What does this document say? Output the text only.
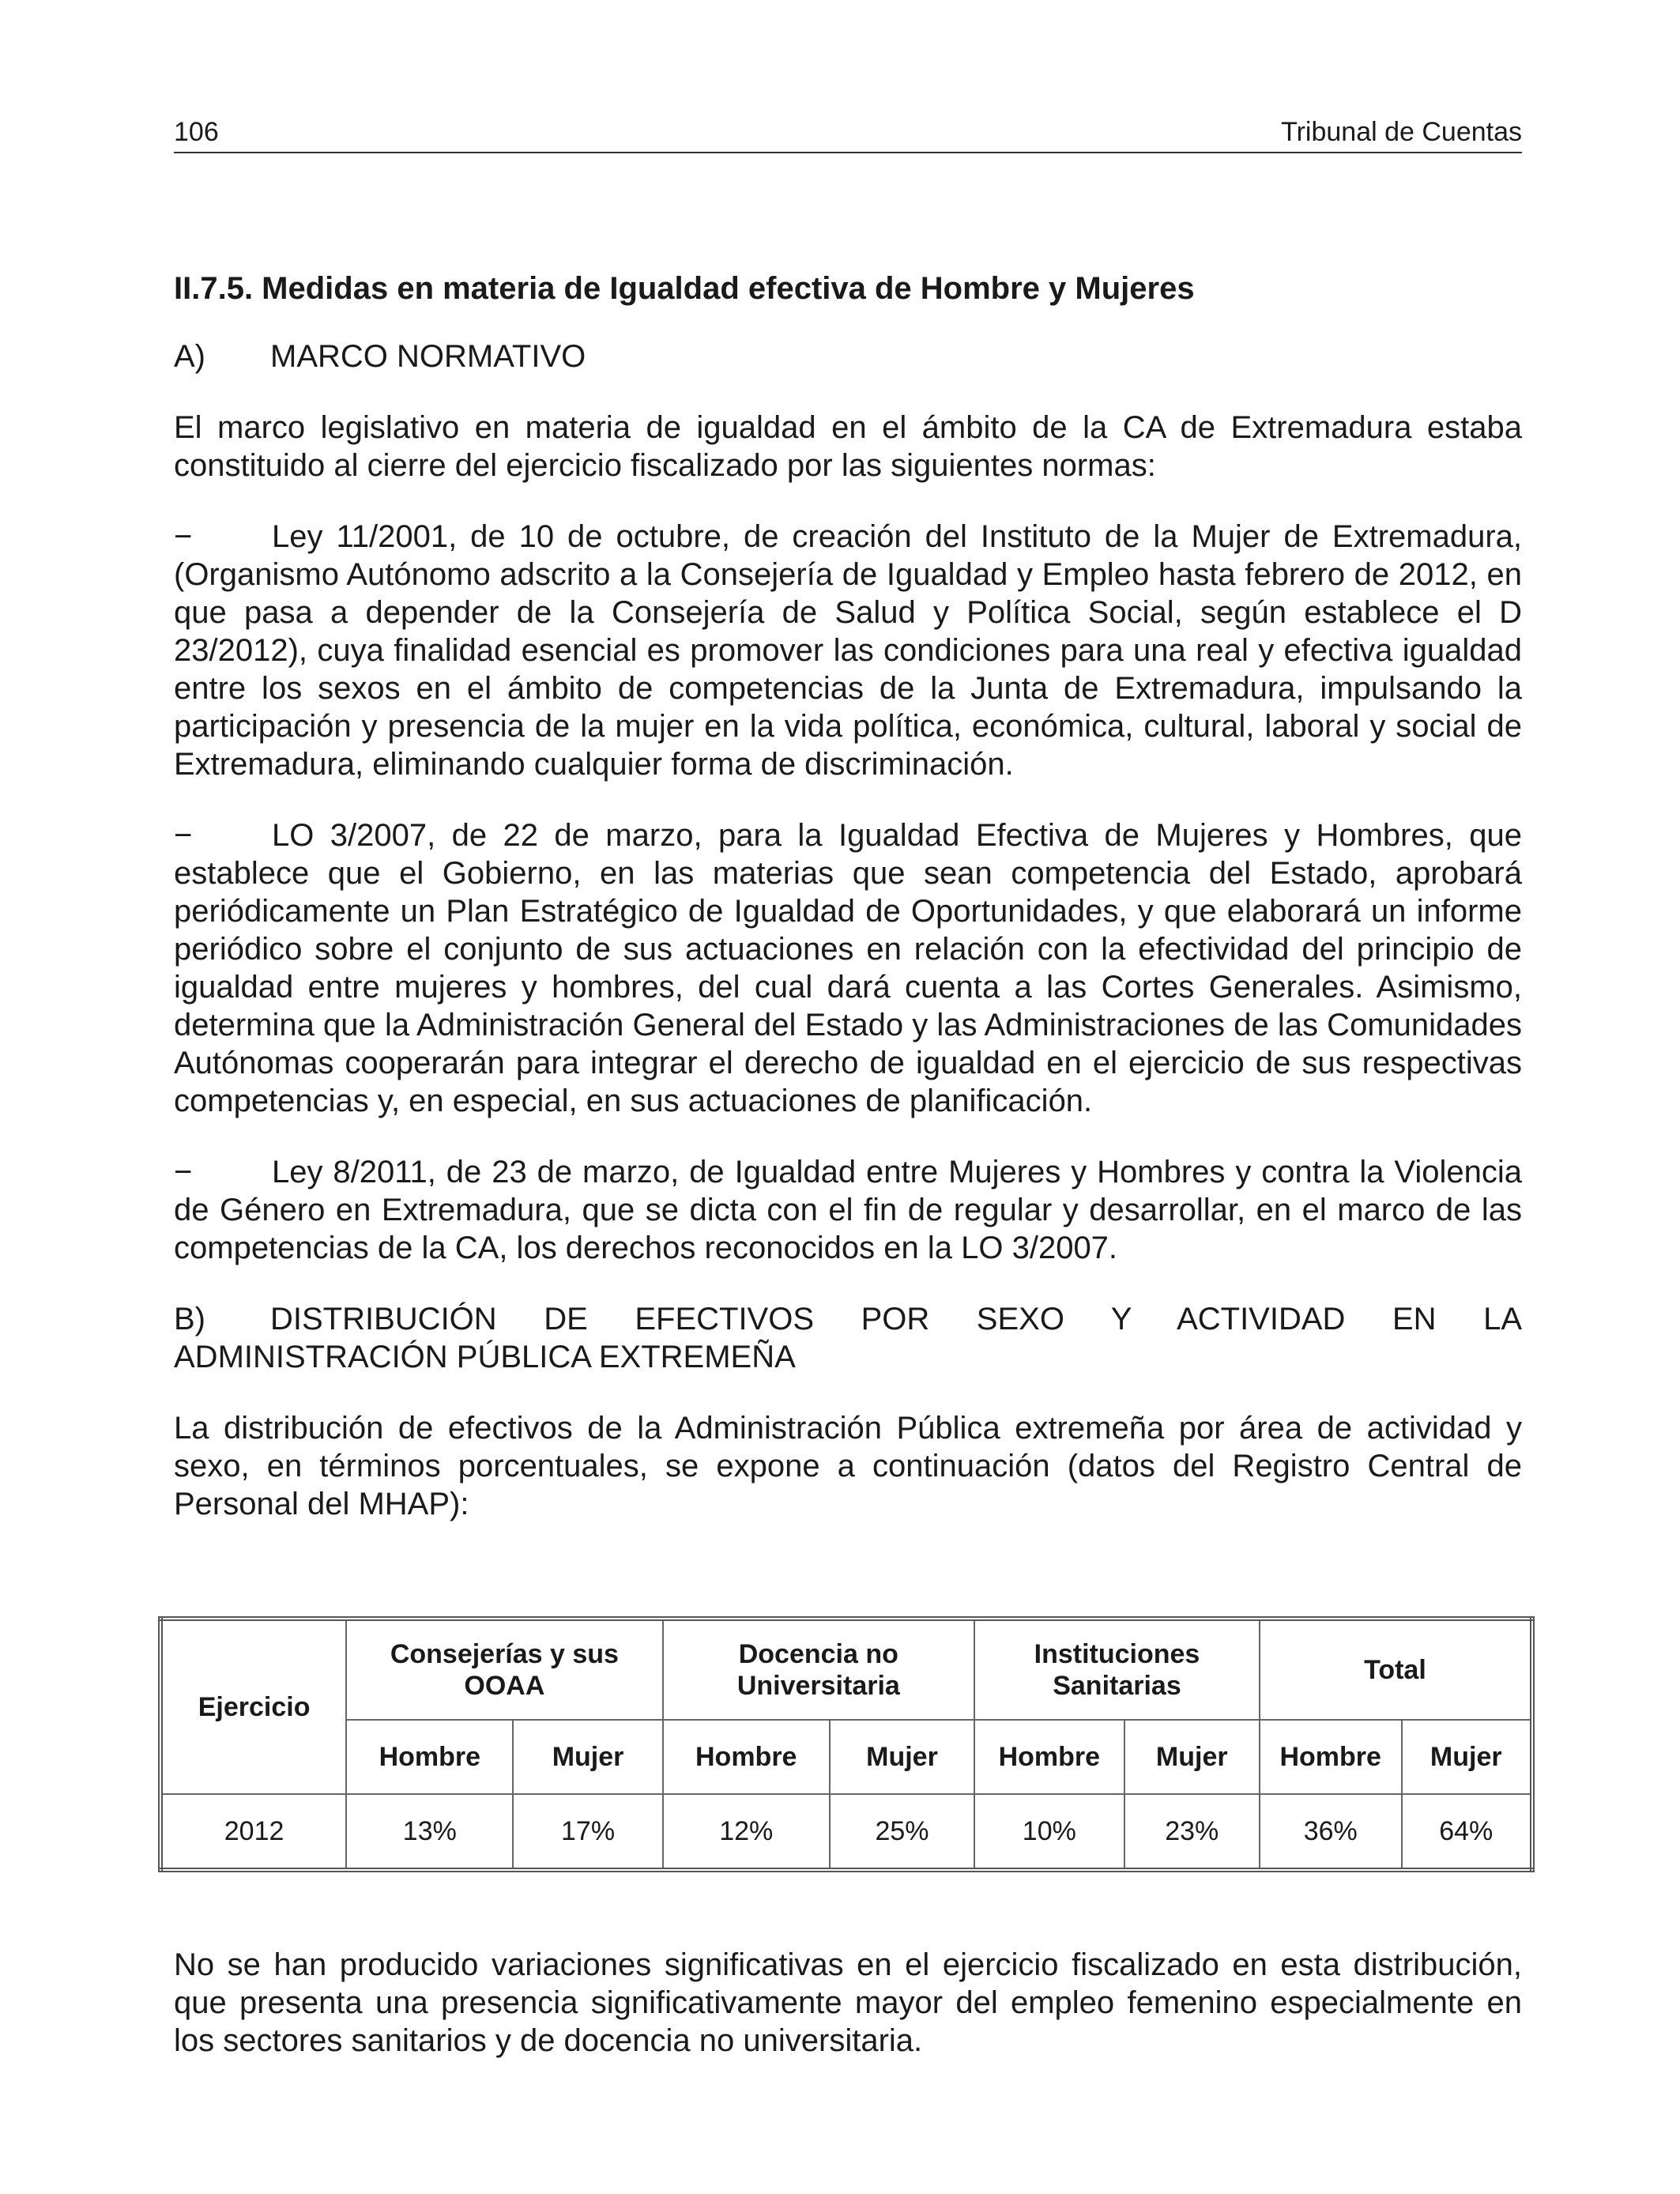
106	Tribunal de Cuentas
II.7.5. Medidas en materia de Igualdad efectiva de Hombre y Mujeres
A)	MARCO NORMATIVO

El marco legislativo en materia de igualdad en el ámbito de la CA de Extremadura estaba constituido al cierre del ejercicio fiscalizado por las siguientes normas:

−	Ley 11/2001, de 10 de octubre, de creación del Instituto de la Mujer de Extremadura, (Organismo Autónomo adscrito a la Consejería de Igualdad y Empleo hasta febrero de 2012, en que pasa a depender de la Consejería de Salud y Política Social, según establece el D 23/2012), cuya finalidad esencial es promover las condiciones para una real y efectiva igualdad entre los sexos en el ámbito de competencias de la Junta de Extremadura, impulsando la participación y presencia de la mujer en la vida política, económica, cultural, laboral y social de Extremadura, eliminando cualquier forma de discriminación.
−	LO 3/2007, de 22 de marzo, para la Igualdad Efectiva de Mujeres y Hombres, que establece que el Gobierno, en las materias que sean competencia del Estado, aprobará periódicamente un Plan Estratégico de Igualdad de Oportunidades, y que elaborará un informe periódico sobre el conjunto de sus actuaciones en relación con la efectividad del principio de igualdad entre mujeres y hombres, del cual dará cuenta a las Cortes Generales. Asimismo, determina que la Administración General del Estado y las Administraciones de las Comunidades Autónomas cooperarán para integrar el derecho de igualdad en el ejercicio de sus respectivas competencias y, en especial, en sus actuaciones de planificación.
−	Ley 8/2011, de 23 de marzo, de Igualdad entre Mujeres y Hombres y contra la Violencia de Género en Extremadura, que se dicta con el fin de regular y desarrollar, en el marco de las competencias de la CA, los derechos reconocidos en la LO 3/2007.
B)	DISTRIBUCIÓN DE EFECTIVOS POR SEXO Y ACTIVIDAD EN LA
ADMINISTRACIÓN PÚBLICA EXTREMEÑA

La distribución de efectivos de la Administración Pública extremeña por área de actividad y sexo, en términos porcentuales, se expone a continuación (datos del Registro Central de Personal del MHAP):

Ejercicio	Consejerías y sus OOAA		Docencia no Universitaria		Instituciones Sanitarias		Total	
	Hombre	Mujer	Hombre	Mujer	Hombre	Mujer	Hombre	Mujer
2012	13%	17%	12%	25%	10%	23%	36%	64%

No se han producido variaciones significativas en el ejercicio fiscalizado en esta distribución, que presenta una presencia significativamente mayor del empleo femenino especialmente en los sectores sanitarios y de docencia no universitaria.
